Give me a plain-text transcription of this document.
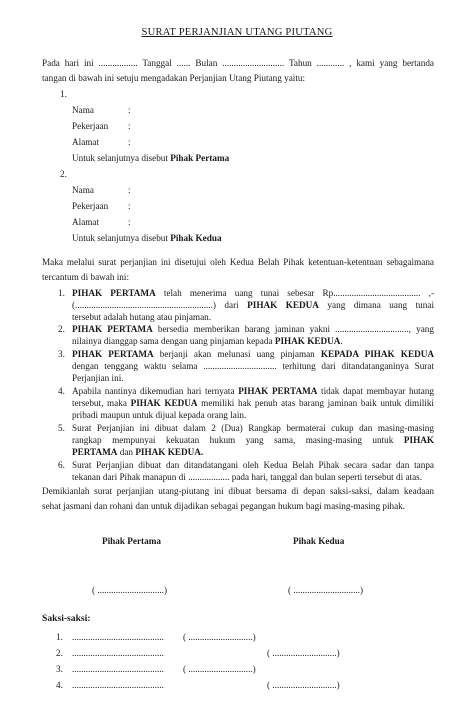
SURAT PERJANJIAN UTANG PIUTANG
Pada hari ini ................. Tanggal ...... Bulan ........................... Tahun ............ , kami yang bertanda
tangan di bawah ini setuju mengadakan Perjanjian Utang Piutang yaitu:
1.
Nama	:
Pekerjaan :
Alamat	:
Untuk selanjutnya disebut Pihak Pertama
2.
Nama	:
Pekerjaan :
Alamat	:
Untuk selanjutnya disebut Pihak Kedua
Maka melalui surat perjanjian ini disetujui oleh Kedua Belah Pihak ketentuan-ketentuan sebagaimana
tercantum di bawah ini:
1. PIHAK PERTAMA telah menerima uang tunai sebesar Rp...................................... ,-
(............................................................) dari PIHAK KEDUA yang dimana uang tunai
tersebut adalah hutang atau pinjaman.
2. PIHAK PERTAMA bersedia memberikan barang jaminan yakni ................................, yang
nilainya dianggap sama dengan uang pinjaman kepada PIHAK KEDUA.
3. PIHAK PERTAMA berjanji akan melunasi uang pinjaman KEPADA PIHAK KEDUA
dengan tenggang waktu selama ................................ terhitung dari ditandatanganinya Surat
Perjanjian ini.
4. Apabila nantinya dikemudian hari ternyata PIHAK PERTAMA tidak dapat membayar hutang
tersebut, maka PIHAK KEDUA memiliki hak penuh atas barang jaminan baik untuk dimiliki
pribadi maupun untuk dijual kepada orang lain.
5. Surat Perjanjian ini dibuat dalam 2 (Dua) Rangkap bermaterai cukup dan masing-masing
rangkap mempunyai kekuatan hukum yang sama, masing-masing untuk PIHAK
PERTAMA dan PIHAK KEDUA.
6. Surat Perjanjian dibuat dan ditandatangani oleh Kedua Belah Pihak secara sadar dan tanpa
tekanan dari Pihak manapun di .................. pada hari, tanggal dan bulan seperti tersebut di atas.
Demikianlah surat perjanjian utang-piutang ini dibuat bersama di depan saksi-saksi, dalam keadaan
sehat jasmani dan rohani dan untuk dijadikan sebagai pegangan hukum bagi masing-masing pihak.
Pihak Pertama	Pihak Kedua
( .............................)	( .............................)
Saksi-saksi:
1. ........................................ ( ............................)
2. ........................................	( ............................)
3. ........................................ ( ............................)
4. ........................................	( ............................)
